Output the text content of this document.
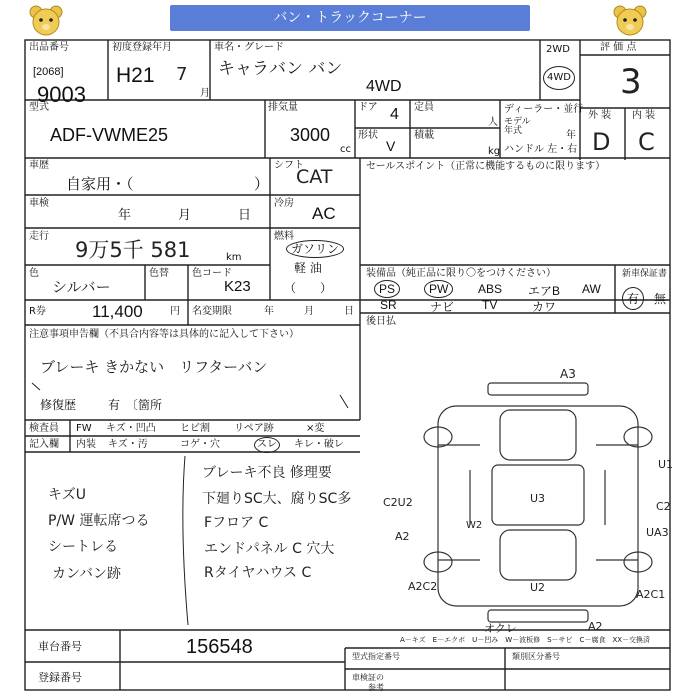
バン・トラックコーナー
出品番号
[2068]
9003
初度登録年月
H21 7
月
車名・グレード
キャラバン バン
4WD
2WD
4WD
評 価 点
3
型式
ADF-VWME25
排気量
3000
cc
ドア 4
形状
V
定員
人
積載
kg
ディーラー・並行
モデル
年式	年
ハンドル 左・右
外 装 内 装
D C
車歴
自家用・（	）
シフト
CAT
車検
年	月	日
冷房
AC
走行
9万5千 581	km
燃料
ガソリン
軽 油
（　　）
色
シルバー
色替 色コード
K23
セールスポイント（正常に機能するものに限ります）
装備品（純正品に限り〇をつけください）	新車保証書
PS	PW	ABS エアB AW
SR	ナビ TV	カワ
有	無
後日払
R券	11,400	円 名変期限	年	月	日
注意事項申告欄（不具合内容等は具体的に記入して下さい）
ブレーキ きかない　リフターバン
修復歴	有 〔箇所
検査員
記入欄
FW キズ・凹凸 ヒビ割 リペア跡	×変
内装 キズ・汚	コゲ・穴	スレ	キレ・破レ
キズU
P/W 運転席つる
シートレる
カンバン跡
ブレーキ不良 修理要
下廻りSC大、腐りSC多
Fフロア C
エンドパネル C 穴大
Rタイヤハウス C
A3
U1
C2
UA3
C2U2
A2
U3
W2
U2
A2C2
A2C1
オクレ	A2
A－キズ　E－エクボ　U－凹み　W－波板修　S－サビ　C－腐食　XX－交換済
車台番号	156548
登録番号
型式指定番号	類別区分番号
車検証の
参考
